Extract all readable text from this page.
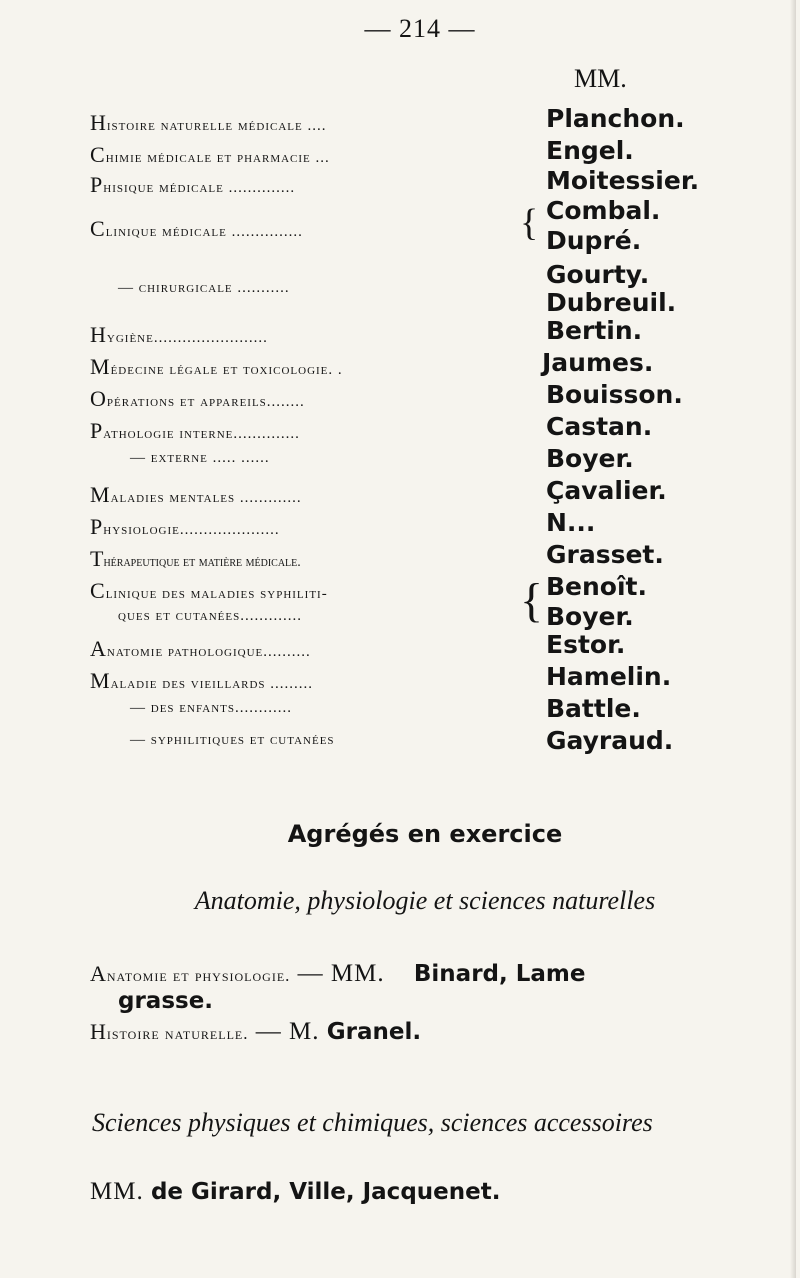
— 214 —
MM.
Histoire naturelle médicale ....	Planchon.
Chimie médicale et pharmacie ...	Engel.
Phisique médicale ..............	Moitessier.
Clinique médicale ...............	{ Combal.
Dupré.
— chirurgicale ...........	Gourty.
Dubreuil.
Hygiène........................	Bertin.
Médecine légale et toxicologie. .	Jaumes.
Opérations et appareils........	Bouisson.
Pathologie interne..............	Castan.
— externe ..... ......	Boyer.
Maladies mentales .............	Çavalier.
Physiologie.....................	N...
Thérapeutique et matière médicale.	Grasset.
Clinique des maladies syphiliti-
ques et cutanées.............	{ Benoît.
Boyer.
Anatomie pathologique..........	Estor.
Maladie des vieillards .........	Hamelin.
— des enfants............	Battle.
— syphilitiques et cutanées	Gayraud.
Agrégés en exercice
Anatomie, physiologie et sciences naturelles
Anatomie et physiologie. — MM. Binard, Lame
grasse.
Histoire naturelle. — M. Granel.
Sciences physiques et chimiques, sciences accessoires
MM. de Girard, Ville, Jacquenet.
